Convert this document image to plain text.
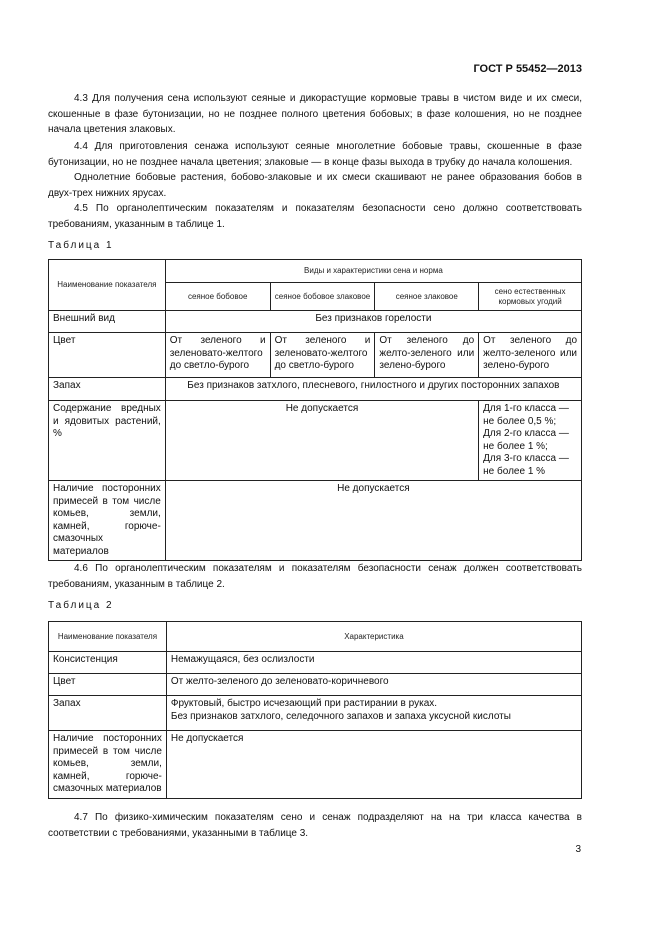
ГОСТ Р 55452—2013
4.3 Для получения сена используют сеяные и дикорастущие кормовые травы в чистом виде и их смеси, скошенные в фазе бутонизации, но не позднее полного цветения бобовых; в фазе колошения, но не позднее начала цветения злаковых.
4.4 Для приготовления сенажа используют сеяные многолетние бобовые травы, скошенные в фазе бутонизации, но не позднее начала цветения; злаковые — в конце фазы выхода в трубку до начала колошения.
Однолетние бобовые растения, бобово-злаковые и их смеси скашивают не ранее образования бобов в двух-трех нижних ярусах.
4.5 По органолептическим показателям и показателям безопасности сено должно соответствовать требованиям, указанным в таблице 1.
Таблица 1
Наименование показателя	Виды и характеристики сена и норма			
	сеяное бобовое	сеяное бобовое злаковое	сеяное злаковое	сено естественных кормовых угодий
Внешний вид	Без признаков горелости			
Цвет	От зеленого и зеленовато-желтого до светло-бурого	От зеленого и зеленовато-желтого до светло-бурого	От зеленого до желто-зеленого или зелено-бурого	От зеленого до желто-зеленого или зелено-бурого
Запах	Без признаков затхлого, плесневого, гнилостного и других посторонних запахов			
Содержание вредных и ядовитых растений, %	Не допускается			Для 1-го класса — не более 0,5 %;
Для 2-го класса — не более 1 %;
Для 3-го класса — не более 1 %

Наличие посторонних примесей в том числе комьев, земли, камней, горюче-смазочных материалов	Не допускается			
4.6 По органолептическим показателям и показателям безопасности сенаж должен соответствовать требованиям, указанным в таблице 2.
Таблица 2
Наименование показателя	Характеристика
Консистенция	Немажущаяся, без ослизлости
Цвет	От желто-зеленого до зеленовато-коричневого
Запах	Фруктовый, быстро исчезающий при растирании в руках.
Без признаков затхлого, селедочного запахов и запаха уксусной кислоты

Наличие посторонних примесей в том числе комьев, земли, камней, горюче-смазочных материалов	Не допускается
4.7 По физико-химическим показателям сено и сенаж подразделяют на на три класса качества в соответствии с требованиями, указанными в таблице 3.
3
